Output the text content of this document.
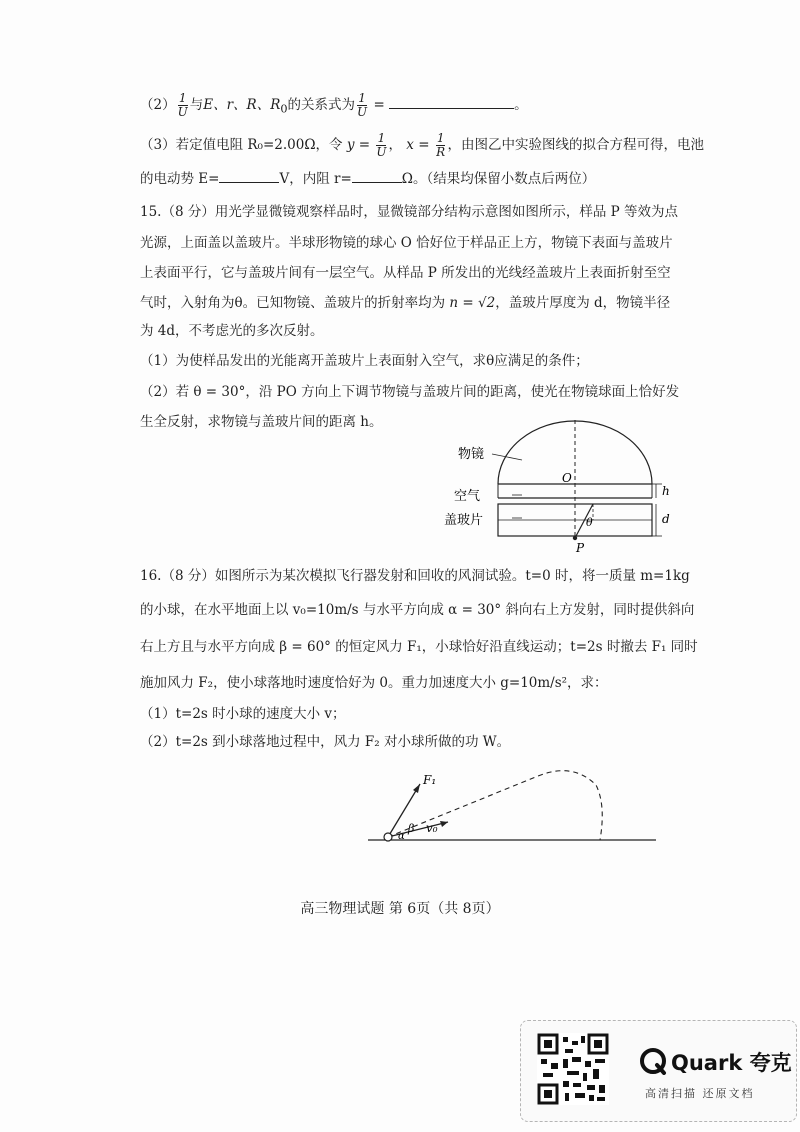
$(2) \frac{1}{U}$ 与E、r、R、$R_0$的关系式为 $\frac{1}{U}$ =	。
（3）若定值电阻 R₀=2.00Ω，令 $y = \frac{1}{U}$ ， $x = \frac{1}{R}$ ，由图乙中实验图线的拟合方程可得，电池
的电动势 E=	V，内阻 r=	Ω。（结果均保留小数点后两位）
15.（8 分）用光学显微镜观察样品时，显微镜部分结构示意图如图所示，样品 P 等效为点
光源，上面盖以盖玻片。半球形物镜的球心 O 恰好位于样品正上方，物镜下表面与盖玻片
上表面平行，它与盖玻片间有一层空气。从样品 P 所发出的光线经盖玻片上表面折射至空
气时，入射角为θ。已知物镜、盖玻片的折射率均为 n = √2，盖玻片厚度为 d，物镜半径
为 4d，不考虑光的多次反射。
（1）为使样品发出的光能离开盖玻片上表面射入空气，求θ应满足的条件；
（2）若 θ = 30°，沿 PO 方向上下调节物镜与盖玻片间的距离，使光在物镜球面上恰好发
生全反射，求物镜与盖玻片间的距离 h。
物镜
空气
盖玻片
O
P
h
d
θ
16.（8 分）如图所示为某次模拟飞行器发射和回收的风洞试验。t=0 时，将一质量 m=1kg
的小球，在水平地面上以 v₀=10m/s 与水平方向成 α = 30° 斜向右上方发射，同时提供斜向
右上方且与水平方向成 β = 60° 的恒定风力 F₁，小球恰好沿直线运动；t=2s 时撤去 F₁ 同时
施加风力 F₂，使小球落地时速度恰好为 0。重力加速度大小 g=10m/s²，求：
（1）t=2s 时小球的速度大小 v；
（2）t=2s 到小球落地过程中，风力 F₂ 对小球所做的功 W。
F₁
v₀
β
α
高三物理试题 第 6页（共 8页）
Quark 夸克
高清扫描 还原文档
